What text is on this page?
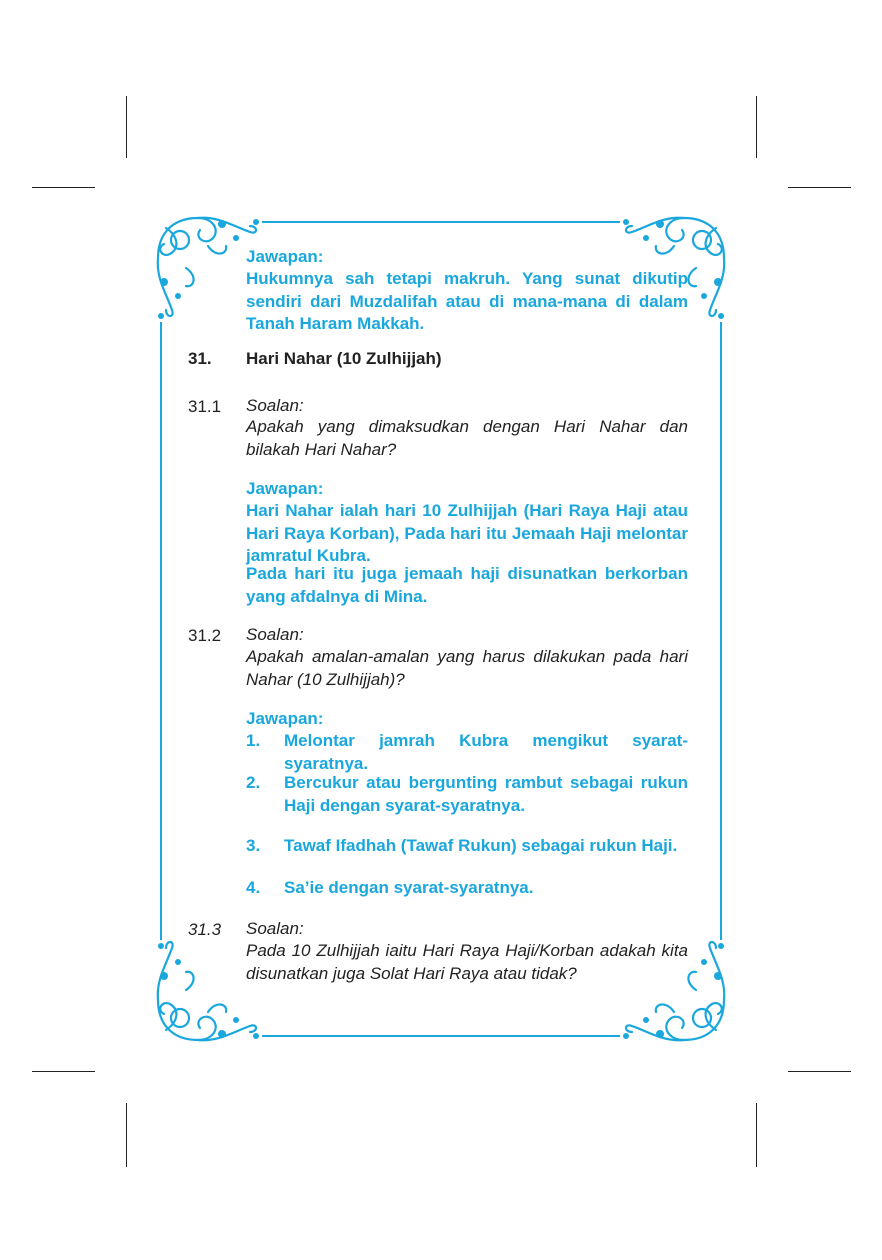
Jawapan:
Hukumnya sah tetapi makruh. Yang sunat dikutip sendiri dari Muzdalifah atau di mana-mana di dalam Tanah Haram Makkah.
31. Hari Nahar (10 Zulhijjah)
31.1 Soalan:
Apakah yang dimaksudkan dengan Hari Nahar dan bilakah Hari Nahar?
Jawapan:
Hari Nahar ialah hari 10 Zulhijjah (Hari Raya Haji atau Hari Raya Korban), Pada hari itu Jemaah Haji melontar jamratul Kubra.
Pada hari itu juga jemaah haji disunatkan berkorban yang afdalnya di Mina.
31.2 Soalan:
Apakah amalan-amalan yang harus dilakukan pada hari Nahar (10 Zulhijjah)?
Jawapan:
1. Melontar jamrah Kubra mengikut syarat-syaratnya.
2. Bercukur atau bergunting rambut sebagai rukun Haji dengan syarat-syaratnya.
3. Tawaf Ifadhah (Tawaf Rukun) sebagai rukun Haji.
4. Sa’ie dengan syarat-syaratnya.
31.3 Soalan:
Pada 10 Zulhijjah iaitu Hari Raya Haji/Korban adakah kita disunatkan juga Solat Hari Raya atau tidak?
